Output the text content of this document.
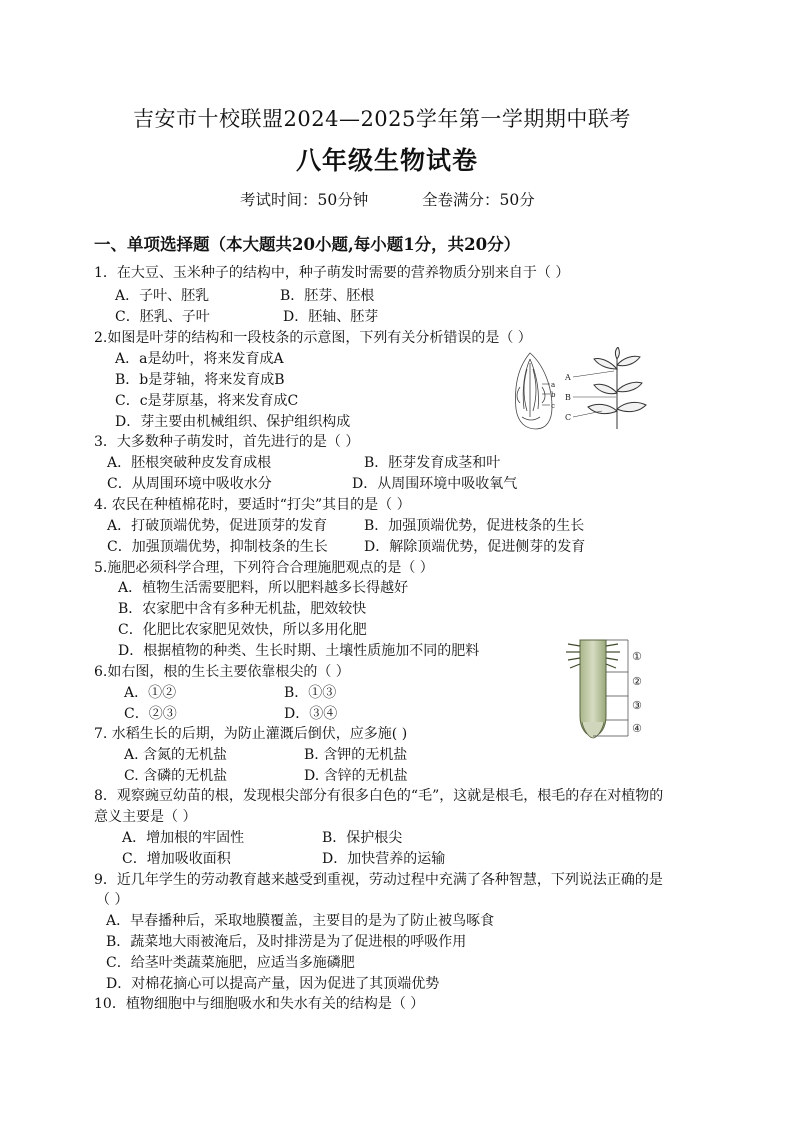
吉安市十校联盟2024—2025学年第一学期期中联考
八年级生物试卷
考试时间：50分钟	全卷满分：50分
一、单项选择题（本大题共20小题,每小题1分，共20分）
1．在大豆、玉米种子的结构中，种子萌发时需要的营养物质分别来自于（ ）
A．子叶、胚乳	B．胚芽、胚根
C．胚乳、子叶	D．胚轴、胚芽
2.如图是叶芽的结构和一段枝条的示意图，下列有关分析错误的是（ ）
A．a是幼叶，将来发育成A
B．b是芽轴，将来发育成B
C．c是芽原基，将来发育成C
D．芽主要由机械组织、保护组织构成
a
b
c
A
B
C
3．大多数种子萌发时，首先进行的是（ ）
A．胚根突破种皮发育成根	B．胚芽发育成茎和叶
C．从周围环境中吸收水分	D．从周围环境中吸收氧气
4. 农民在种植棉花时，要适时“打尖”其目的是（ ）
A．打破顶端优势，促进顶芽的发育	B．加强顶端优势，促进枝条的生长
C．加强顶端优势，抑制枝条的生长	D．解除顶端优势，促进侧芽的发育
5.施肥必须科学合理，下列符合合理施肥观点的是（ ）
A．植物生活需要肥料，所以肥料越多长得越好
B．农家肥中含有多种无机盐，肥效较快
C．化肥比农家肥见效快，所以多用化肥
D．根据植物的种类、生长时期、土壤性质施加不同的肥料	①
②
③
④
6.如右图，根的生长主要依靠根尖的（ ）
A．①②	B．①③
C．②③	D．③④
7. 水稻生长的后期，为防止灌溉后倒伏，应多施( )
A. 含氮的无机盐	B. 含钾的无机盐
C. 含磷的无机盐	D. 含锌的无机盐
8．观察豌豆幼苗的根，发现根尖部分有很多白色的“毛”，这就是根毛，根毛的存在对植物的
意义主要是（ ）
A．增加根的牢固性	B．保护根尖
C．增加吸收面积	D．加快营养的运输
9．近几年学生的劳动教育越来越受到重视，劳动过程中充满了各种智慧，下列说法正确的是
（ ）
A．早春播种后，采取地膜覆盖，主要目的是为了防止被鸟啄食
B．蔬菜地大雨被淹后，及时排涝是为了促进根的呼吸作用
C．给茎叶类蔬菜施肥，应适当多施磷肥
D．对棉花摘心可以提高产量，因为促进了其顶端优势
10．植物细胞中与细胞吸水和失水有关的结构是（ ）
